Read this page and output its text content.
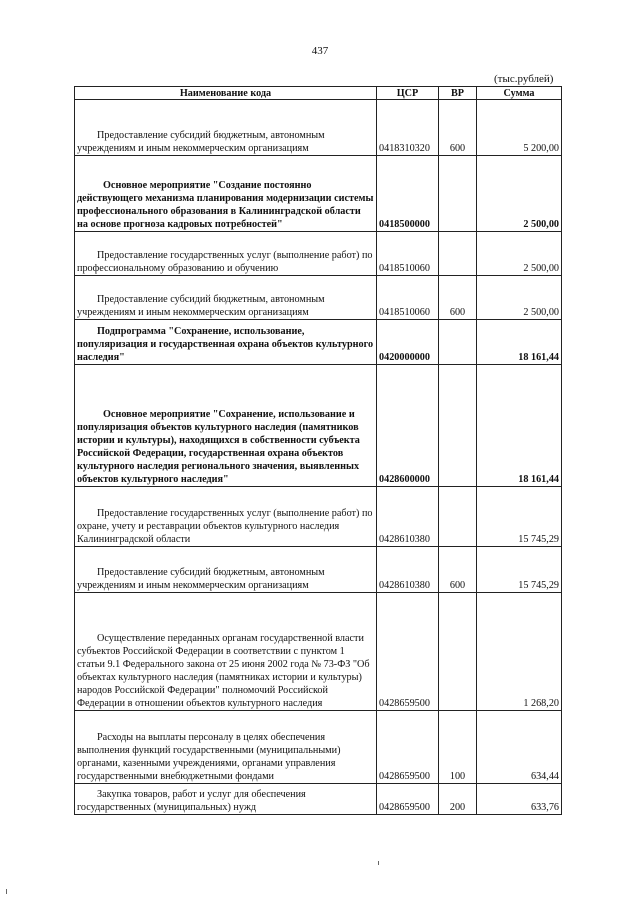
437
(тыс.рублей)
Наименование кода	ЦСР	ВР	Сумма
Предоставление субсидий бюджетным, автономным учреждениям и иным некоммерческим организациям	0418310320	600	5 200,00
Основное мероприятие "Создание постоянно действующего механизма планирования модернизации системы профессионального образования в Калининградской области на основе прогноза кадровых потребностей"	0418500000		2 500,00
Предоставление государственных услуг (выполнение работ) по профессиональному образованию и обучению	0418510060		2 500,00
Предоставление субсидий бюджетным, автономным учреждениям и иным некоммерческим организациям	0418510060	600	2 500,00
Подпрограмма "Сохранение, использование, популяризация и государственная охрана объектов культурного наследия"	0420000000		18 161,44
Основное мероприятие "Сохранение, использование и популяризация объектов культурного наследия (памятников истории и культуры), находящихся в собственности субъекта Российской Федерации, государственная охрана объектов культурного наследия регионального значения, выявленных объектов культурного наследия"	0428600000		18 161,44
Предоставление государственных услуг (выполнение работ) по охране, учету и реставрации объектов культурного наследия Калининградской области	0428610380		15 745,29
Предоставление субсидий бюджетным, автономным учреждениям и иным некоммерческим организациям	0428610380	600	15 745,29
Осуществление переданных органам государственной власти субъектов Российской Федерации в соответствии с пунктом 1 статьи 9.1 Федерального закона от 25 июня 2002 года № 73-ФЗ "Об объектах культурного наследия (памятниках истории и культуры) народов Российской Федерации" полномочий Российской Федерации в отношении объектов культурного наследия	0428659500		1 268,20
Расходы на выплаты персоналу в целях обеспечения выполнения функций государственными (муниципальными) органами, казенными учреждениями, органами управления государственными внебюджетными фондами	0428659500	100	634,44
Закупка товаров, работ и услуг для обеспечения государственных (муниципальных) нужд	0428659500	200	633,76
